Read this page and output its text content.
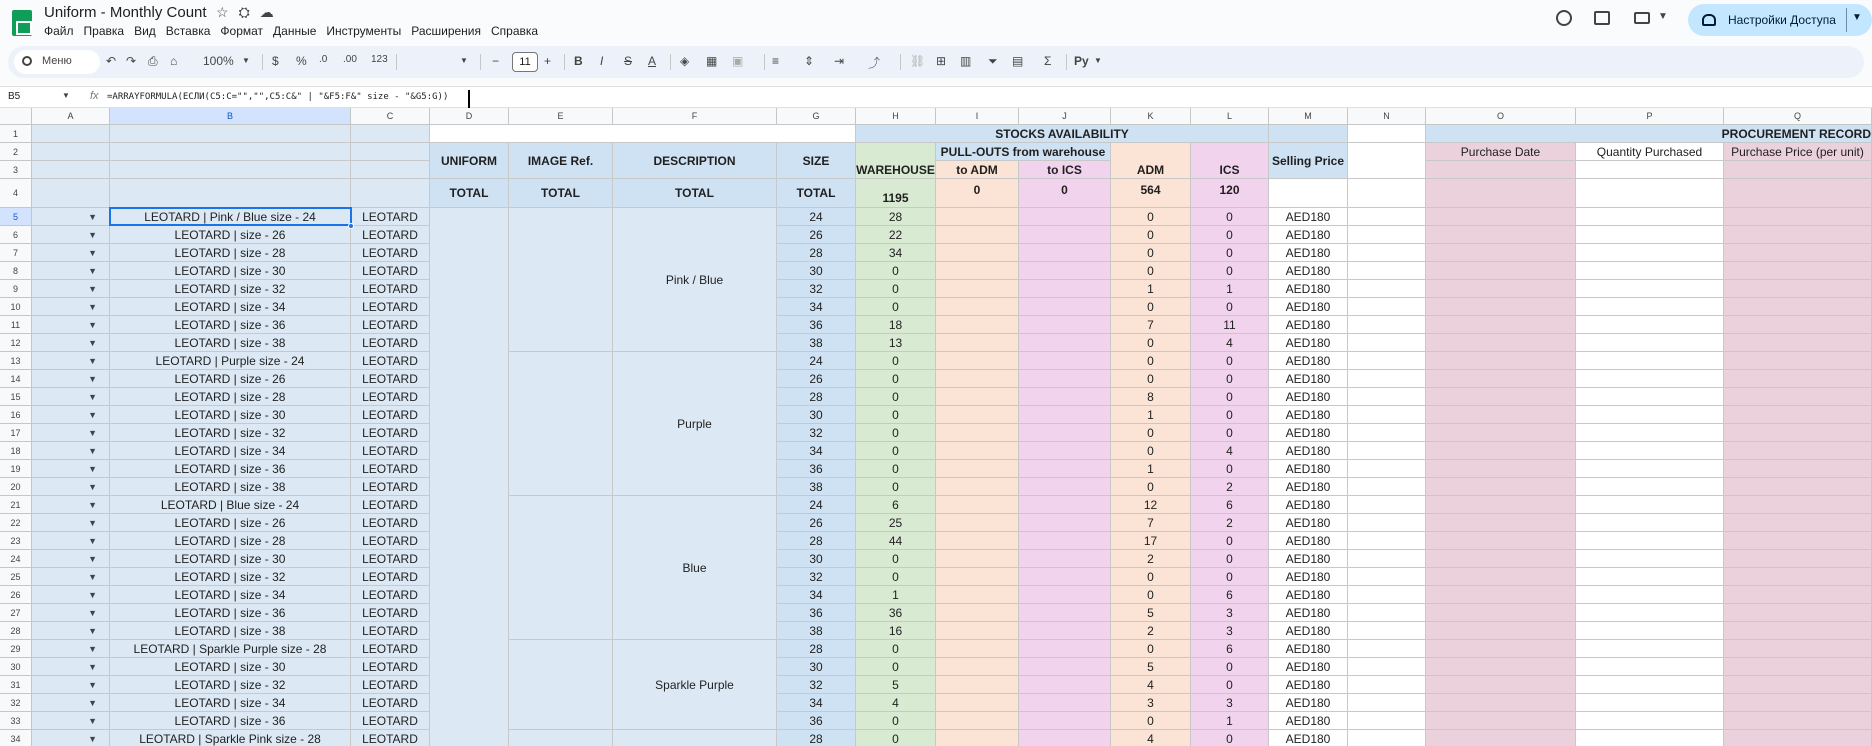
Uniform - Monthly Count ☆⛭☁
Файл Правка Вид Вставка Формат Данные Инструменты Расширения Справка
▼	Настройки Доступа ▼
Меню	↶ ↷ ⎙ ⌂ 100% ▼ $ % .0 .00 123	▼ −	11	+ B I S A ◈ ▦ ▣ ≡ ⇕ ⇥ ⤴ ⛓ ⊞ ▥ ⏷ ▤ Σ Ру ▼
B5	▼ fx =ARRAYFORMULA(ЕСЛИ(C5:C="","",C5:C&" | "&F5:F&" size - "&G5:G))
A	B	C	D	E	F	G	H	I	J	K	L	M	N	O	P	Q
1
2
3
4
5
6
7
8
9
10
11
12
13
14
15
16
17
18
19
20
21
22
23
24
25
26
27
28
29
30
31
32
33
34
STOCKS AVAILABILITY	PROCUREMENT RECORD
UNIFORM	IMAGE Ref.	DESCRIPTION	SIZE
WAREHOUSE
PULL-OUTS from warehouse
to ADM	to ICS	ADM	ICS
Selling Price
Purchase Date	Quantity Purchased	Purchase Price (per unit)
TOTAL	TOTAL	TOTAL	TOTAL	1195
0	0	564	120
▼	LEOTARD | Pink / Blue size - 24	LEOTARD	24	28	0	0	AED180
▼	LEOTARD | size - 26	LEOTARD	26	22	0	0	AED180
▼	LEOTARD | size - 28	LEOTARD	28	34	0	0	AED180
▼	LEOTARD | size - 30	LEOTARD	30	0	0	0	AED180
▼	LEOTARD | size - 32	LEOTARD	32	0	1	1	AED180
▼	LEOTARD | size - 34	LEOTARD	34	0	0	0	AED180
▼	LEOTARD | size - 36	LEOTARD	36	18	7	11	AED180
▼	LEOTARD | size - 38	LEOTARD	38	13	0	4	AED180
▼	LEOTARD | Purple size - 24	LEOTARD	24	0	0	0	AED180
▼	LEOTARD | size - 26	LEOTARD	26	0	0	0	AED180
▼	LEOTARD | size - 28	LEOTARD	28	0	8	0	AED180
▼	LEOTARD | size - 30	LEOTARD	30	0	1	0	AED180
▼	LEOTARD | size - 32	LEOTARD	32	0	0	0	AED180
▼	LEOTARD | size - 34	LEOTARD	34	0	0	4	AED180
▼	LEOTARD | size - 36	LEOTARD	36	0	1	0	AED180
▼	LEOTARD | size - 38	LEOTARD	38	0	0	2	AED180
▼	LEOTARD | Blue size - 24	LEOTARD	24	6	12	6	AED180
▼	LEOTARD | size - 26	LEOTARD	26	25	7	2	AED180
▼	LEOTARD | size - 28	LEOTARD	28	44	17	0	AED180
▼	LEOTARD | size - 30	LEOTARD	30	0	2	0	AED180
▼	LEOTARD | size - 32	LEOTARD	32	0	0	0	AED180
▼	LEOTARD | size - 34	LEOTARD	34	1	0	6	AED180
▼	LEOTARD | size - 36	LEOTARD	36	36	5	3	AED180
▼	LEOTARD | size - 38	LEOTARD	38	16	2	3	AED180
▼	LEOTARD | Sparkle Purple size - 28	LEOTARD	28	0	0	6	AED180
▼	LEOTARD | size - 30	LEOTARD	30	0	5	0	AED180
▼	LEOTARD | size - 32	LEOTARD	32	5	4	0	AED180
▼	LEOTARD | size - 34	LEOTARD	34	4	3	3	AED180
▼	LEOTARD | size - 36	LEOTARD	36	0	0	1	AED180
▼	LEOTARD | Sparkle Pink size - 28	LEOTARD	28	0	4	0	AED180
Pink / Blue
Purple
Blue
Sparkle Purple
